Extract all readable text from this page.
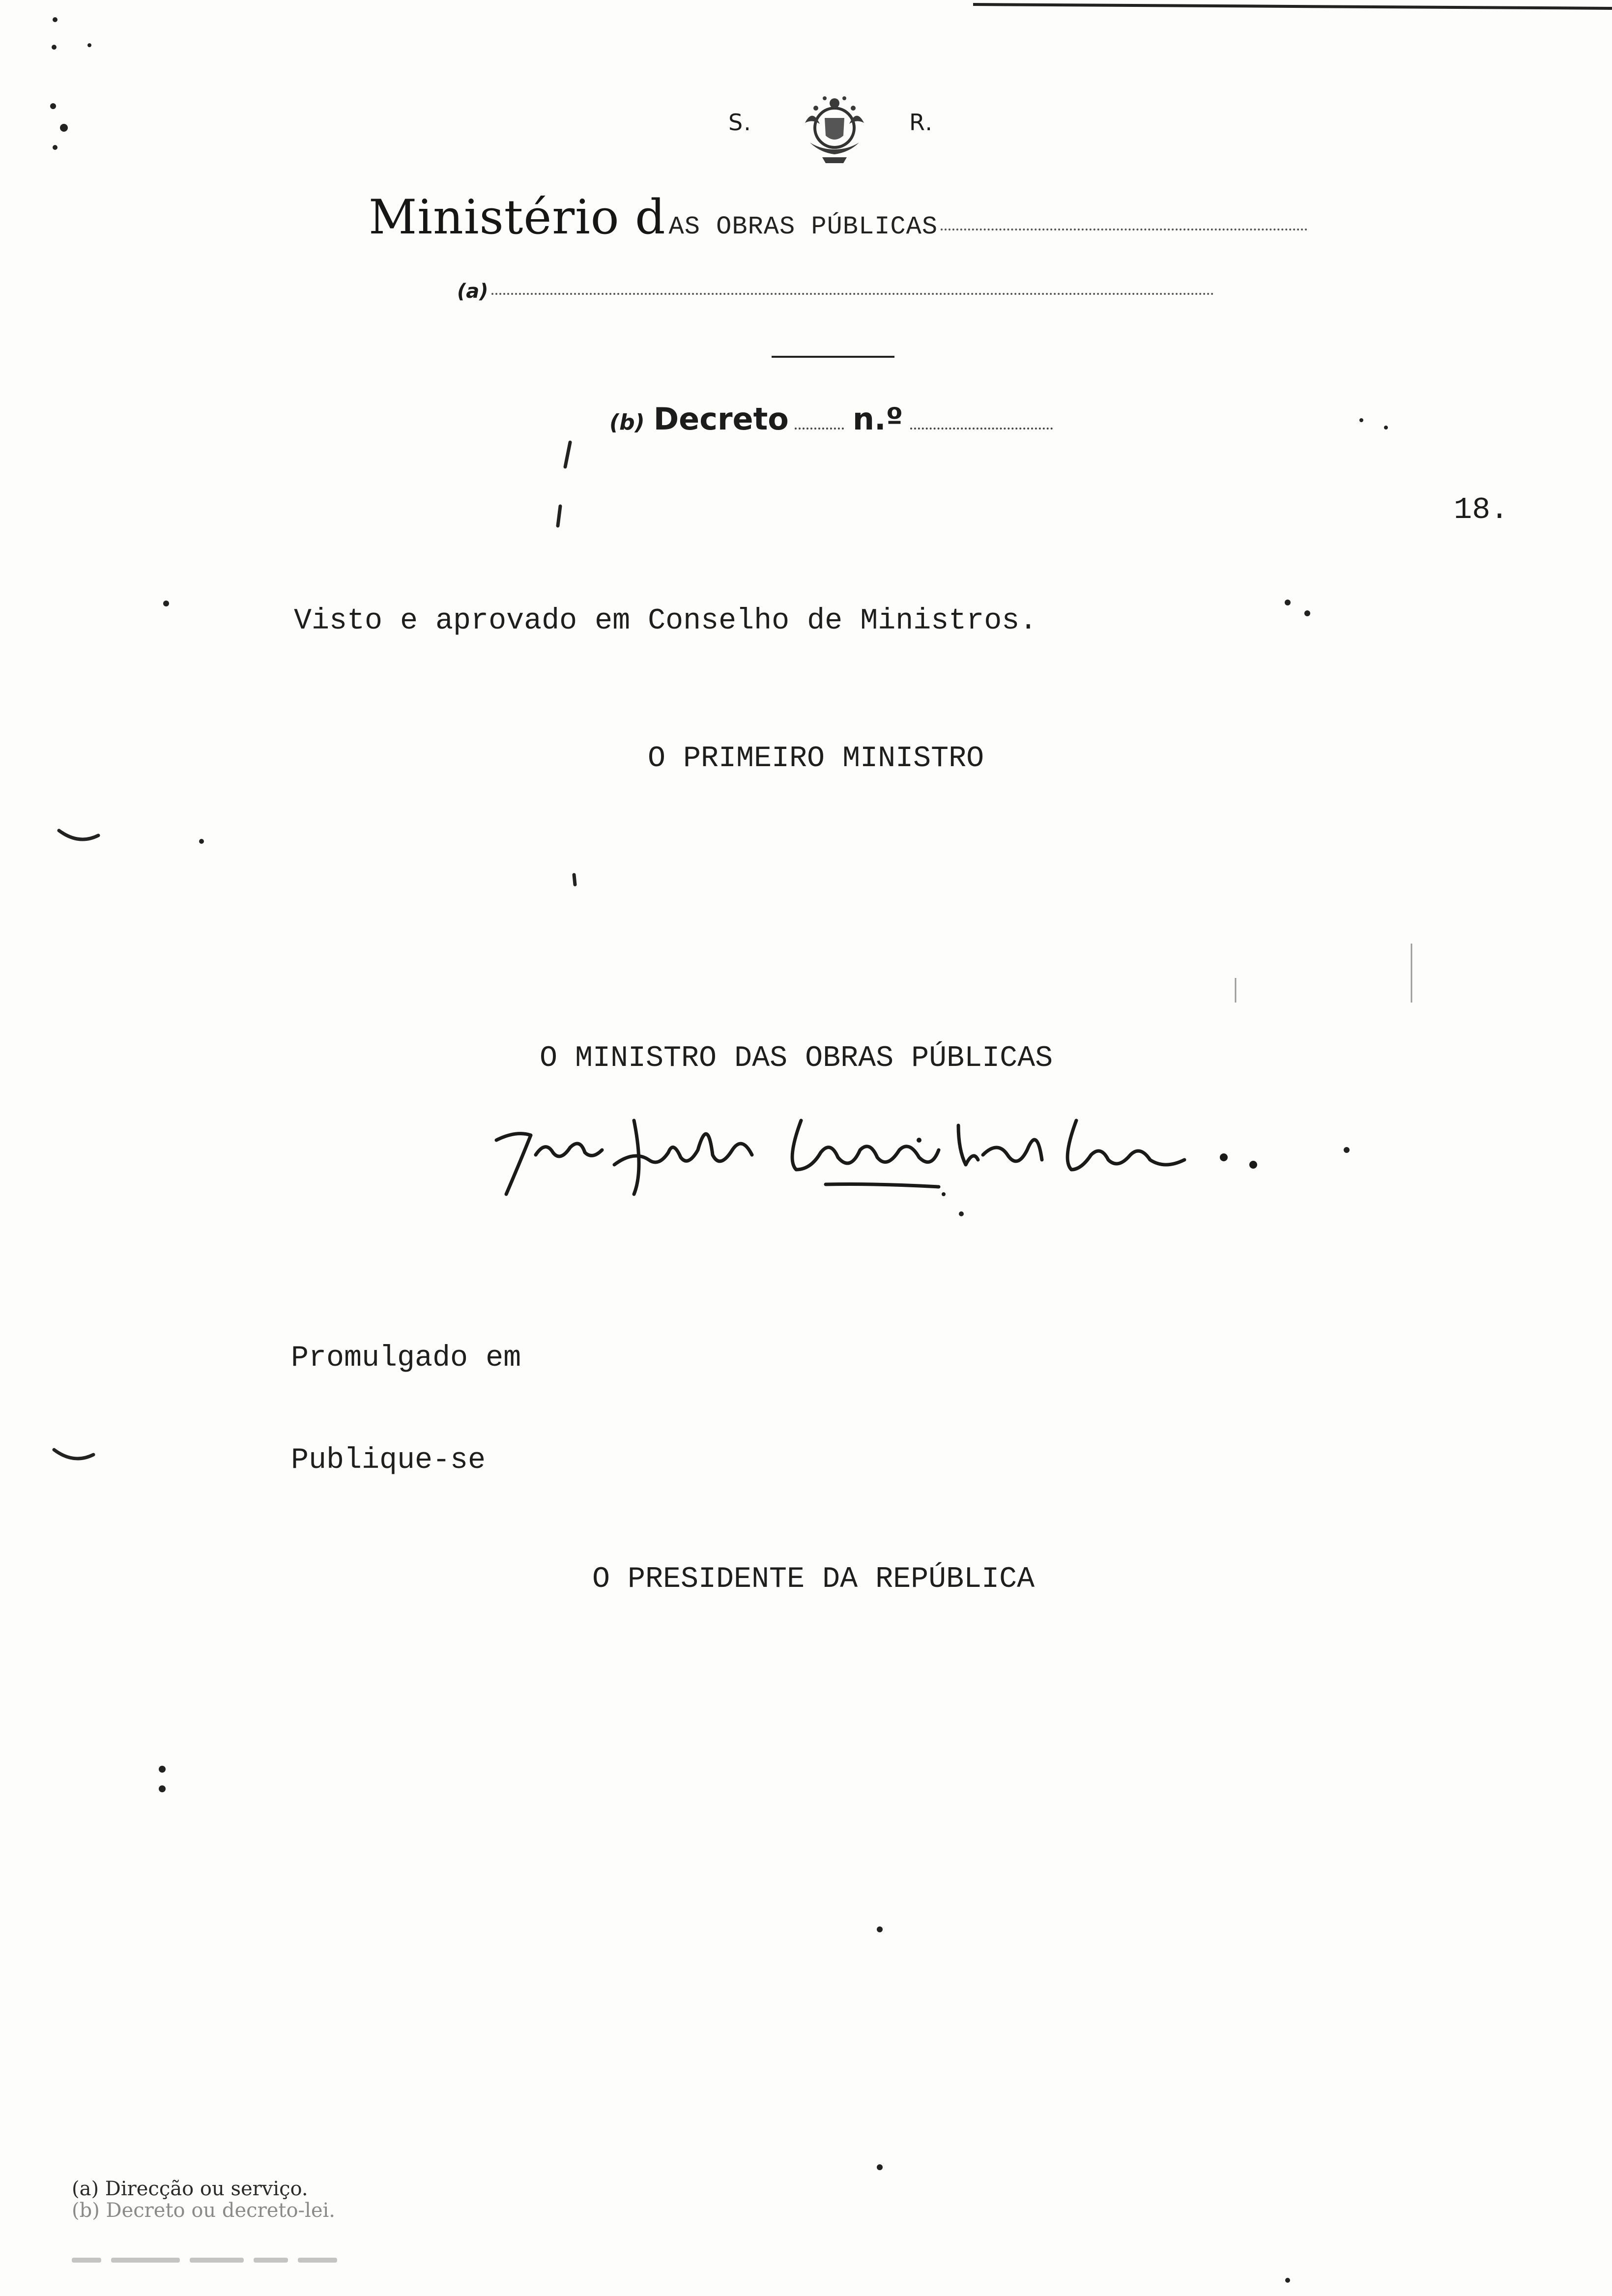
S.	R.
Ministério d AS OBRAS PÚBLICAS
(a)
(b) Decreto n.º
18.
Visto e aprovado em Conselho de Ministros.
O PRIMEIRO MINISTRO
O MINISTRO DAS OBRAS PÚBLICAS
Promulgado em
Publique-se
O PRESIDENTE DA REPÚBLICA
(a) Direcção ou serviço.
(b) Decreto ou decreto-lei.
